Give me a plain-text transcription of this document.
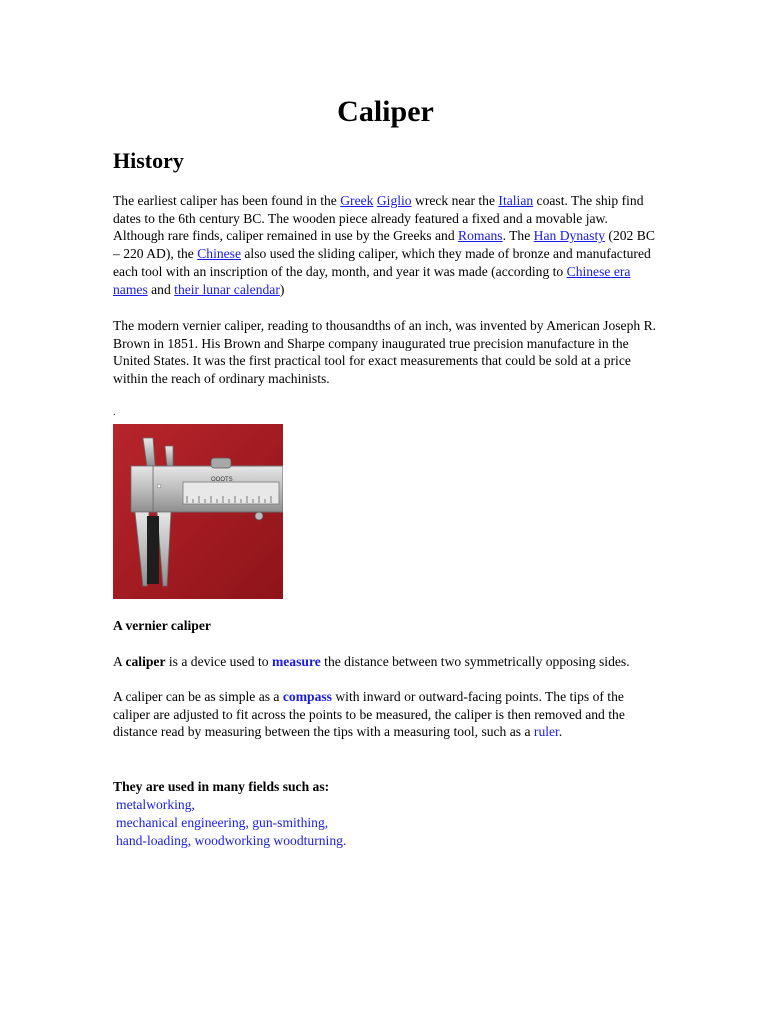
Caliper
History

The earliest caliper has been found in the Greek Giglio wreck near the Italian coast. The ship find dates to the 6th century BC. The wooden piece already featured a fixed and a movable jaw. Although rare finds, caliper remained in use by the Greeks and Romans. The Han Dynasty (202 BC – 220 AD), the Chinese also used the sliding caliper, which they made of bronze and manufactured each tool with an inscription of the day, month, and year it was made (according to Chinese era names and their lunar calendar)

The modern vernier caliper, reading to thousandths of an inch, was invented by American Joseph R. Brown in 1851. His Brown and Sharpe company inaugurated true precision manufacture in the United States. It was the first practical tool for exact measurements that could be sold at a price within the reach of ordinary machinists.

.
OOOTS

A vernier caliper

A caliper is a device used to measure the distance between two symmetrically opposing sides.

A caliper can be as simple as a compass with inward or outward-facing points. The tips of the caliper are adjusted to fit across the points to be measured, the caliper is then removed and the distance read by measuring between the tips with a measuring tool, such as a ruler.

They are used in many fields such as:

metalworking,
mechanical engineering, gun-smithing,
hand-loading, woodworking woodturning.
